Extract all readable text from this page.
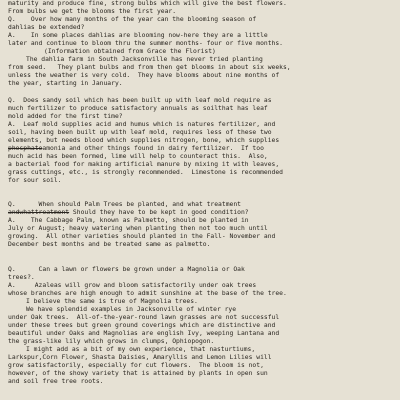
maturity and produce fine, strong bulbs which will give the best flowers.
From bulbs we get the blooms the first year.
Q.    Over how many months of the year can the blooming season of
dahlias be extended?
A.    In some places dahlias are blooming now-here they are a little
later and continue to bloom thru the summer months- four or five months.
(Information obtained from Grace the Florist)
The dahlia farm in South Jacksonville has never tried planting
from seed.   They plant bulbs and from then get blooms in about six weeks,
unless the weather is very cold.  They have blooms about nine months of
the year, starting in January.
Q.  Does sandy soil which has been built up with leaf mold require as
much fertilizer to produce satisfactory annuals as soilthat has leaf
mold added for the first time?
A.  Leaf mold supplies acid and humus which is natures fertilizer, and
soil, having been built up with leaf mold, requires less of these two
elements, but needs blood which supplies nitrogen, bone, which supplies
phosphateamonia and other things found in dairy fertilizer.  If too
much acid has been formed, lime will help to counteract this.  Also,
a bacterial food for making artificial manure by mixing it with leaves,
grass cuttings, etc., is strongly recommended.  Limestone is recommended
for sour soil.
Q.      When should Palm Trees be planted, and what treatment
andwhattreatment Should they have to be kept in good condition?
A.    The Cabbage Palm, known as Palmetto, should be planted in
July or August; heavy watering when planting then not too much until
growing.  All other varieties should planted in the Fall- November and
December best months and be treated same as palmetto.
Q.      Can a lawn or flowers be grown under a Magnolia or Oak
trees?.
A.     Azaleas will grow and bloom satisfactorily under oak trees
whose branches are high enough to admit sunshine at the base of the tree.
I believe the same is true of Magnolia trees.
We have splendid examples in Jacksonville of winter rye
under Oak trees.  All-of-the-year-round lawn grasses are not successful
under these trees but green ground coverings which are distinctive and
beautiful under Oaks and Magnolias are english Ivy, weeping Lantana and
the grass-like lily which grows in clumps, Ophiopogon.
I might add as a bit of my own experience, that nasturtiums,
Larkspur,Corn Flower, Shasta Daisies, Amaryllis and Lemon Lilies will
grow satisfactorily, especially for cut flowers.  The bloom is not,
however, of the showy variety that is attained by plants in open sun
and soil free tree roots.
